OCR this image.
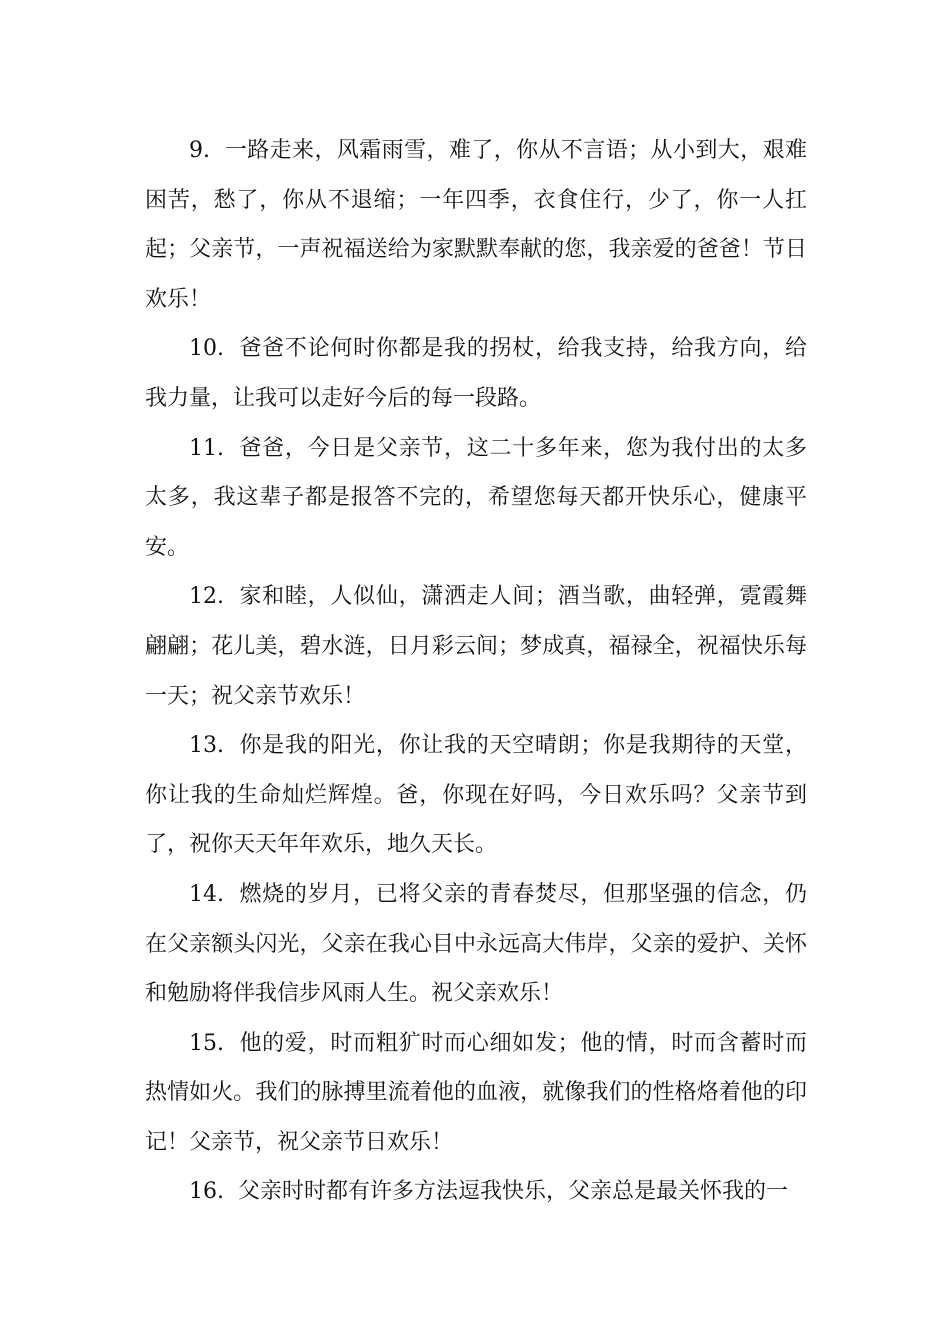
9. 一路走来，风霜雨雪，难了，你从不言语；从小到大，艰难困苦，愁了，你从不退缩；一年四季，衣食住行，少了，你一人扛起；父亲节，一声祝福送给为家默默奉献的您，我亲爱的爸爸！节日欢乐！

10. 爸爸不论何时你都是我的拐杖，给我支持，给我方向，给我力量，让我可以走好今后的每一段路。

11. 爸爸，今日是父亲节，这二十多年来，您为我付出的太多太多，我这辈子都是报答不完的，希望您每天都开快乐心，健康平安。

12. 家和睦，人似仙，潇洒走人间；酒当歌，曲轻弹，霓霞舞翩翩；花儿美，碧水涟，日月彩云间；梦成真，福禄全，祝福快乐每一天；祝父亲节欢乐！

13. 你是我的阳光，你让我的天空晴朗；你是我期待的天堂，你让我的生命灿烂辉煌。爸，你现在好吗，今日欢乐吗？父亲节到了，祝你天天年年欢乐，地久天长。

14. 燃烧的岁月，已将父亲的青春焚尽，但那坚强的信念，仍在父亲额头闪光，父亲在我心目中永远高大伟岸，父亲的爱护、关怀和勉励将伴我信步风雨人生。祝父亲欢乐！

15. 他的爱，时而粗犷时而心细如发；他的情，时而含蓄时而热情如火。我们的脉搏里流着他的血液，就像我们的性格烙着他的印记！父亲节，祝父亲节日欢乐！

16. 父亲时时都有许多方法逗我快乐，父亲总是最关怀我的一
